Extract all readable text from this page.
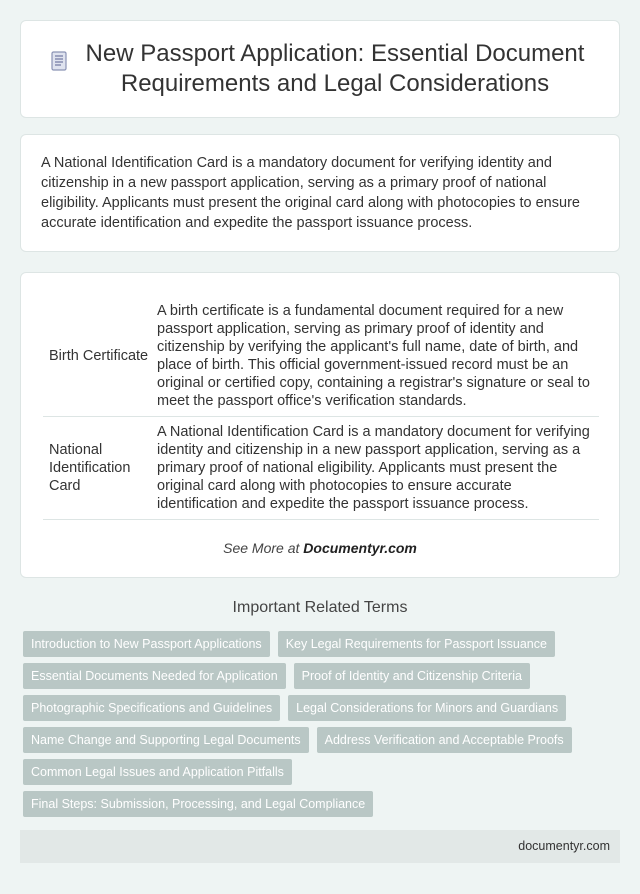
New Passport Application: Essential Document Requirements and Legal Considerations

A National Identification Card is a mandatory document for verifying identity and citizenship in a new passport application, serving as a primary proof of national eligibility. Applicants must present the original card along with photocopies to ensure accurate identification and expedite the passport issuance process.

Birth Certificate	A birth certificate is a fundamental document required for a new passport application, serving as primary proof of identity and citizenship by verifying the applicant's full name, date of birth, and place of birth. This official government-issued record must be an original or certified copy, containing a registrar's signature or seal to meet the passport office's verification standards.
National Identification Card	A National Identification Card is a mandatory document for verifying identity and citizenship in a new passport application, serving as a primary proof of national eligibility. Applicants must present the original card along with photocopies to ensure accurate identification and expedite the passport issuance process.
See More at Documentyr.com
Important Related Terms
Introduction to New Passport Applications	Key Legal Requirements for Passport Issuance
Essential Documents Needed for Application	Proof of Identity and Citizenship Criteria
Photographic Specifications and Guidelines	Legal Considerations for Minors and Guardians
Name Change and Supporting Legal Documents	Address Verification and Acceptable Proofs
Common Legal Issues and Application Pitfalls
Final Steps: Submission, Processing, and Legal Compliance
documentyr.com
